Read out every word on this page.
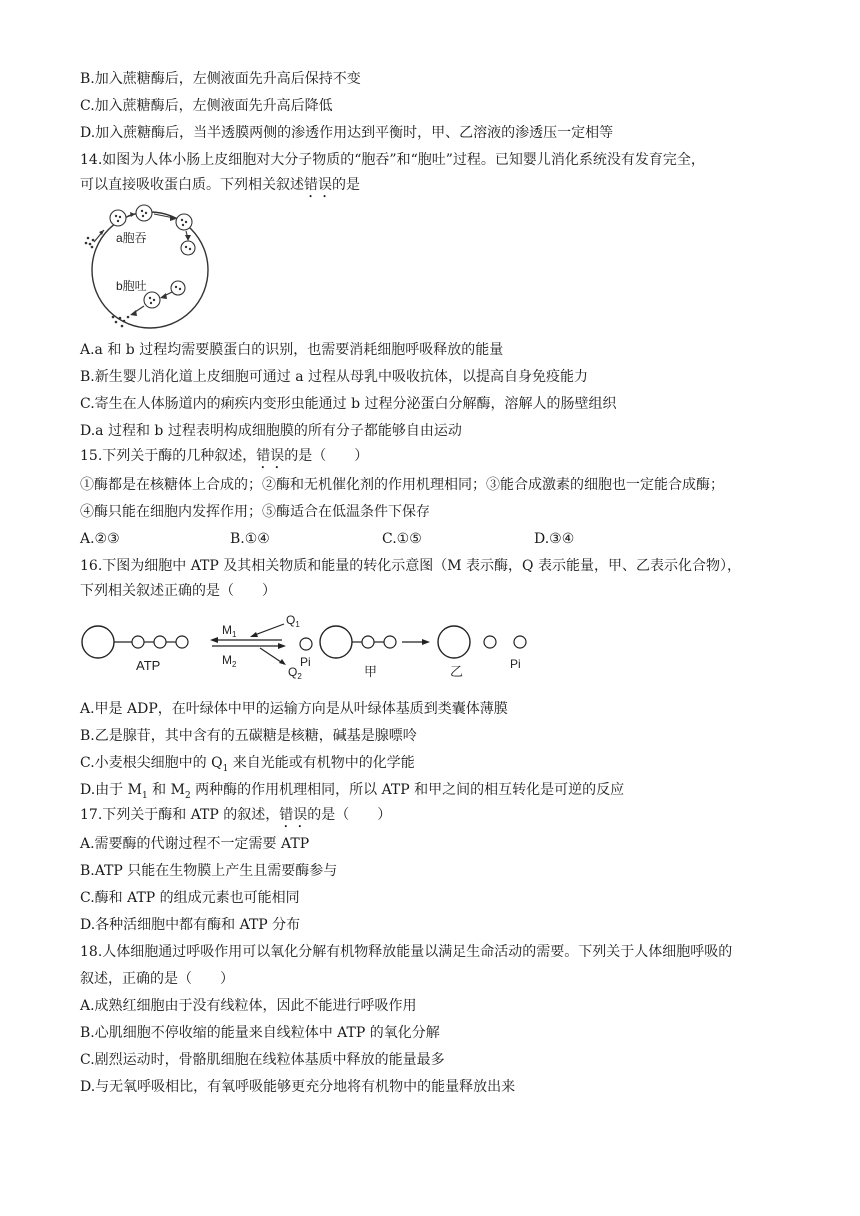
B.加入蔗糖酶后，左侧液面先升高后保持不变
C.加入蔗糖酶后，左侧液面先升高后降低
D.加入蔗糖酶后，当半透膜两侧的渗透作用达到平衡时，甲、乙溶液的渗透压一定相等
14.如图为人体小肠上皮细胞对大分子物质的“胞吞”和“胞吐”过程。已知婴儿消化系统没有发育完全，
可以直接吸收蛋白质。下列相关叙述错误的是
a胞吞
b胞吐
A.a 和 b 过程均需要膜蛋白的识别，也需要消耗细胞呼吸释放的能量
B.新生婴儿消化道上皮细胞可通过 a 过程从母乳中吸收抗体，以提高自身免疫能力
C.寄生在人体肠道内的痢疾内变形虫能通过 b 过程分泌蛋白分解酶，溶解人的肠壁组织
D.a 过程和 b 过程表明构成细胞膜的所有分子都能够自由运动
15.下列关于酶的几种叙述，错误的是（　　）
①酶都是在核糖体上合成的；②酶和无机催化剂的作用机理相同；③能合成激素的细胞也一定能合成酶；
④酶只能在细胞内发挥作用；⑤酶适合在低温条件下保存
A.②③	B.①④	C.①⑤	D.③④
16.下图为细胞中 ATP 及其相关物质和能量的转化示意图（M 表示酶，Q 表示能量，甲、乙表示化合物），
下列相关叙述正确的是（　　）
ATP
$M_1$
$M_2$
$Q_1$
$Q_2$
Pi
甲	乙	Pi
A.甲是 ADP，在叶绿体中甲的运输方向是从叶绿体基质到类囊体薄膜
B.乙是腺苷，其中含有的五碳糖是核糖，碱基是腺嘌呤
C.小麦根尖细胞中的 $Q_1$ 来自光能或有机物中的化学能
D.由于 $M_1$ 和 $M_2$ 两种酶的作用机理相同，所以 ATP 和甲之间的相互转化是可逆的反应
17.下列关于酶和 ATP 的叙述，错误的是（　　）
A.需要酶的代谢过程不一定需要 ATP
B.ATP 只能在生物膜上产生且需要酶参与
C.酶和 ATP 的组成元素也可能相同
D.各种活细胞中都有酶和 ATP 分布
18.人体细胞通过呼吸作用可以氧化分解有机物释放能量以满足生命活动的需要。下列关于人体细胞呼吸的
叙述，正确的是（　　）
A.成熟红细胞由于没有线粒体，因此不能进行呼吸作用
B.心肌细胞不停收缩的能量来自线粒体中 ATP 的氧化分解
C.剧烈运动时，骨骼肌细胞在线粒体基质中释放的能量最多
D.与无氧呼吸相比，有氧呼吸能够更充分地将有机物中的能量释放出来
